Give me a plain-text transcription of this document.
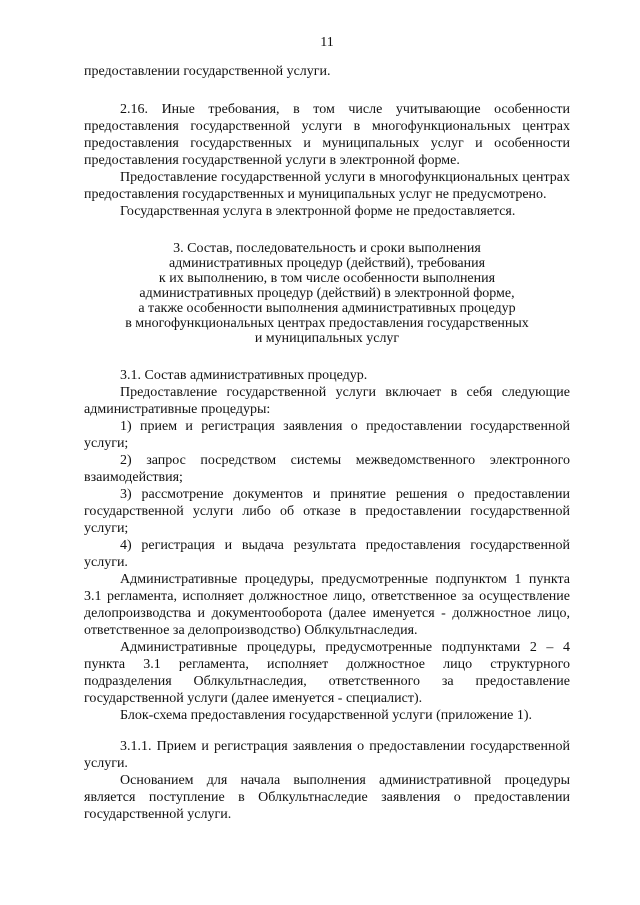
11

предоставлении государственной услуги.

2.16. Иные требования, в том числе учитывающие особенности предоставления государственной услуги в многофункциональных центрах предоставления государственных и муниципальных услуг и особенности предоставления государственной услуги в электронной форме.

Предоставление государственной услуги в многофункциональных центрах предоставления государственных и муниципальных услуг не предусмотрено.

Государственная услуга в электронной форме не предоставляется.

3. Состав, последовательность и сроки выполнения
административных процедур (действий), требования
к их выполнению, в том числе особенности выполнения
административных процедур (действий) в электронной форме,
а также особенности выполнения административных процедур
в многофункциональных центрах предоставления государственных
и муниципальных услуг

3.1. Состав административных процедур.

Предоставление государственной услуги включает в себя следующие административные процедуры:

1) прием и регистрация заявления о предоставлении государственной услуги;

2) запрос посредством системы межведомственного электронного взаимодействия;

3) рассмотрение документов и принятие решения о предоставлении государственной услуги либо об отказе в предоставлении государственной услуги;

4) регистрация и выдача результата предоставления государственной услуги.

Административные процедуры, предусмотренные подпунктом 1 пункта 3.1 регламента, исполняет должностное лицо, ответственное за осуществление делопроизводства и документооборота (далее именуется - должностное лицо, ответственное за делопроизводство) Облкультнаследия.

Административные процедуры, предусмотренные подпунктами 2 – 4 пункта 3.1 регламента, исполняет должностное лицо структурного подразделения Облкультнаследия, ответственного за предоставление государственной услуги (далее именуется - специалист).

Блок-схема предоставления государственной услуги (приложение 1).

3.1.1. Прием и регистрация заявления о предоставлении государственной услуги.

Основанием для начала выполнения административной процедуры является поступление в Облкультнаследие заявления о предоставлении государственной услуги.
